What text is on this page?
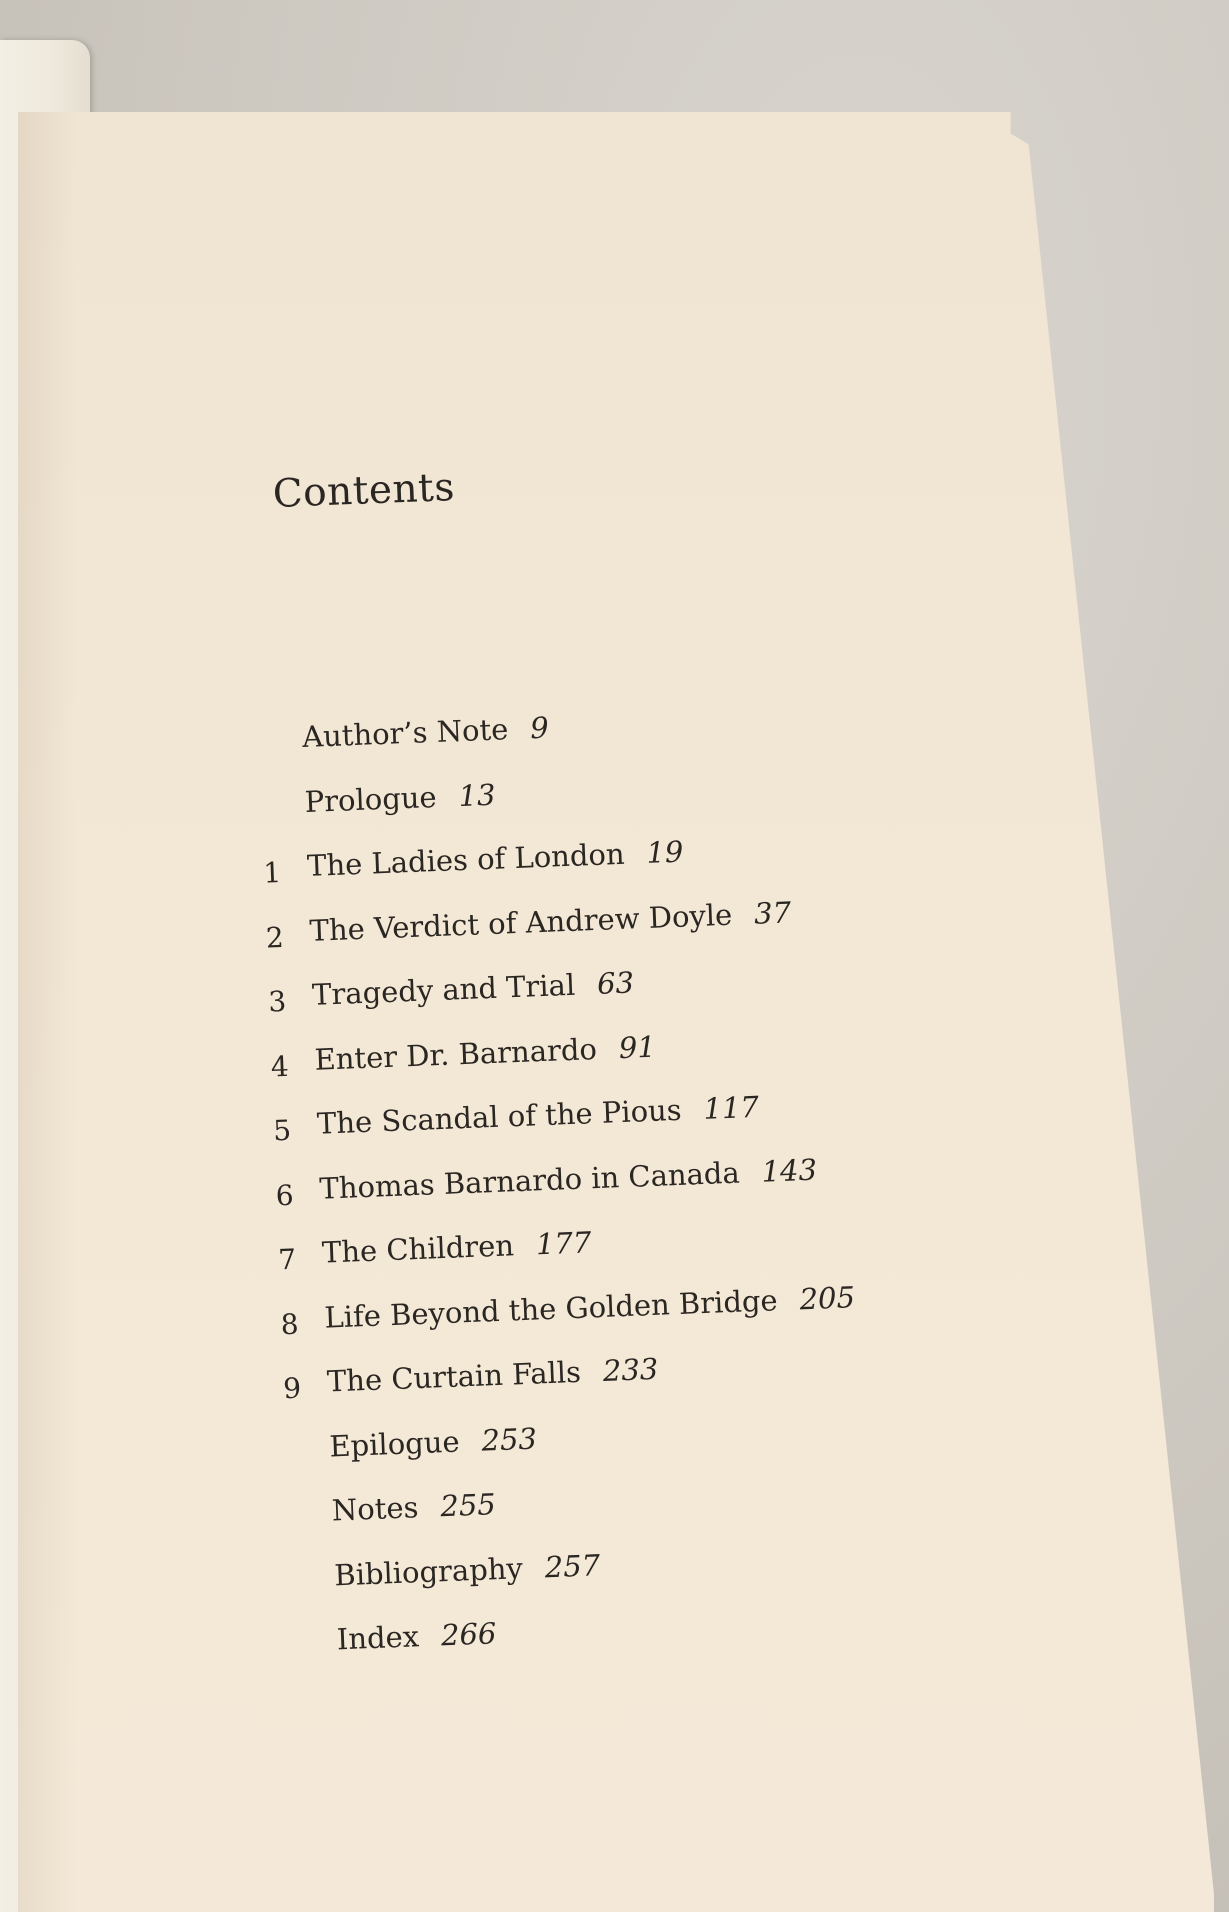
Contents
Author’s Note 9
Prologue 13
1 The Ladies of London 19
2 The Verdict of Andrew Doyle 37
3 Tragedy and Trial 63
4 Enter Dr. Barnardo 91
5 The Scandal of the Pious 117
6 Thomas Barnardo in Canada 143
7 The Children 177
8 Life Beyond the Golden Bridge 205
9 The Curtain Falls 233
Epilogue 253
Notes 255
Bibliography 257
Index 266
